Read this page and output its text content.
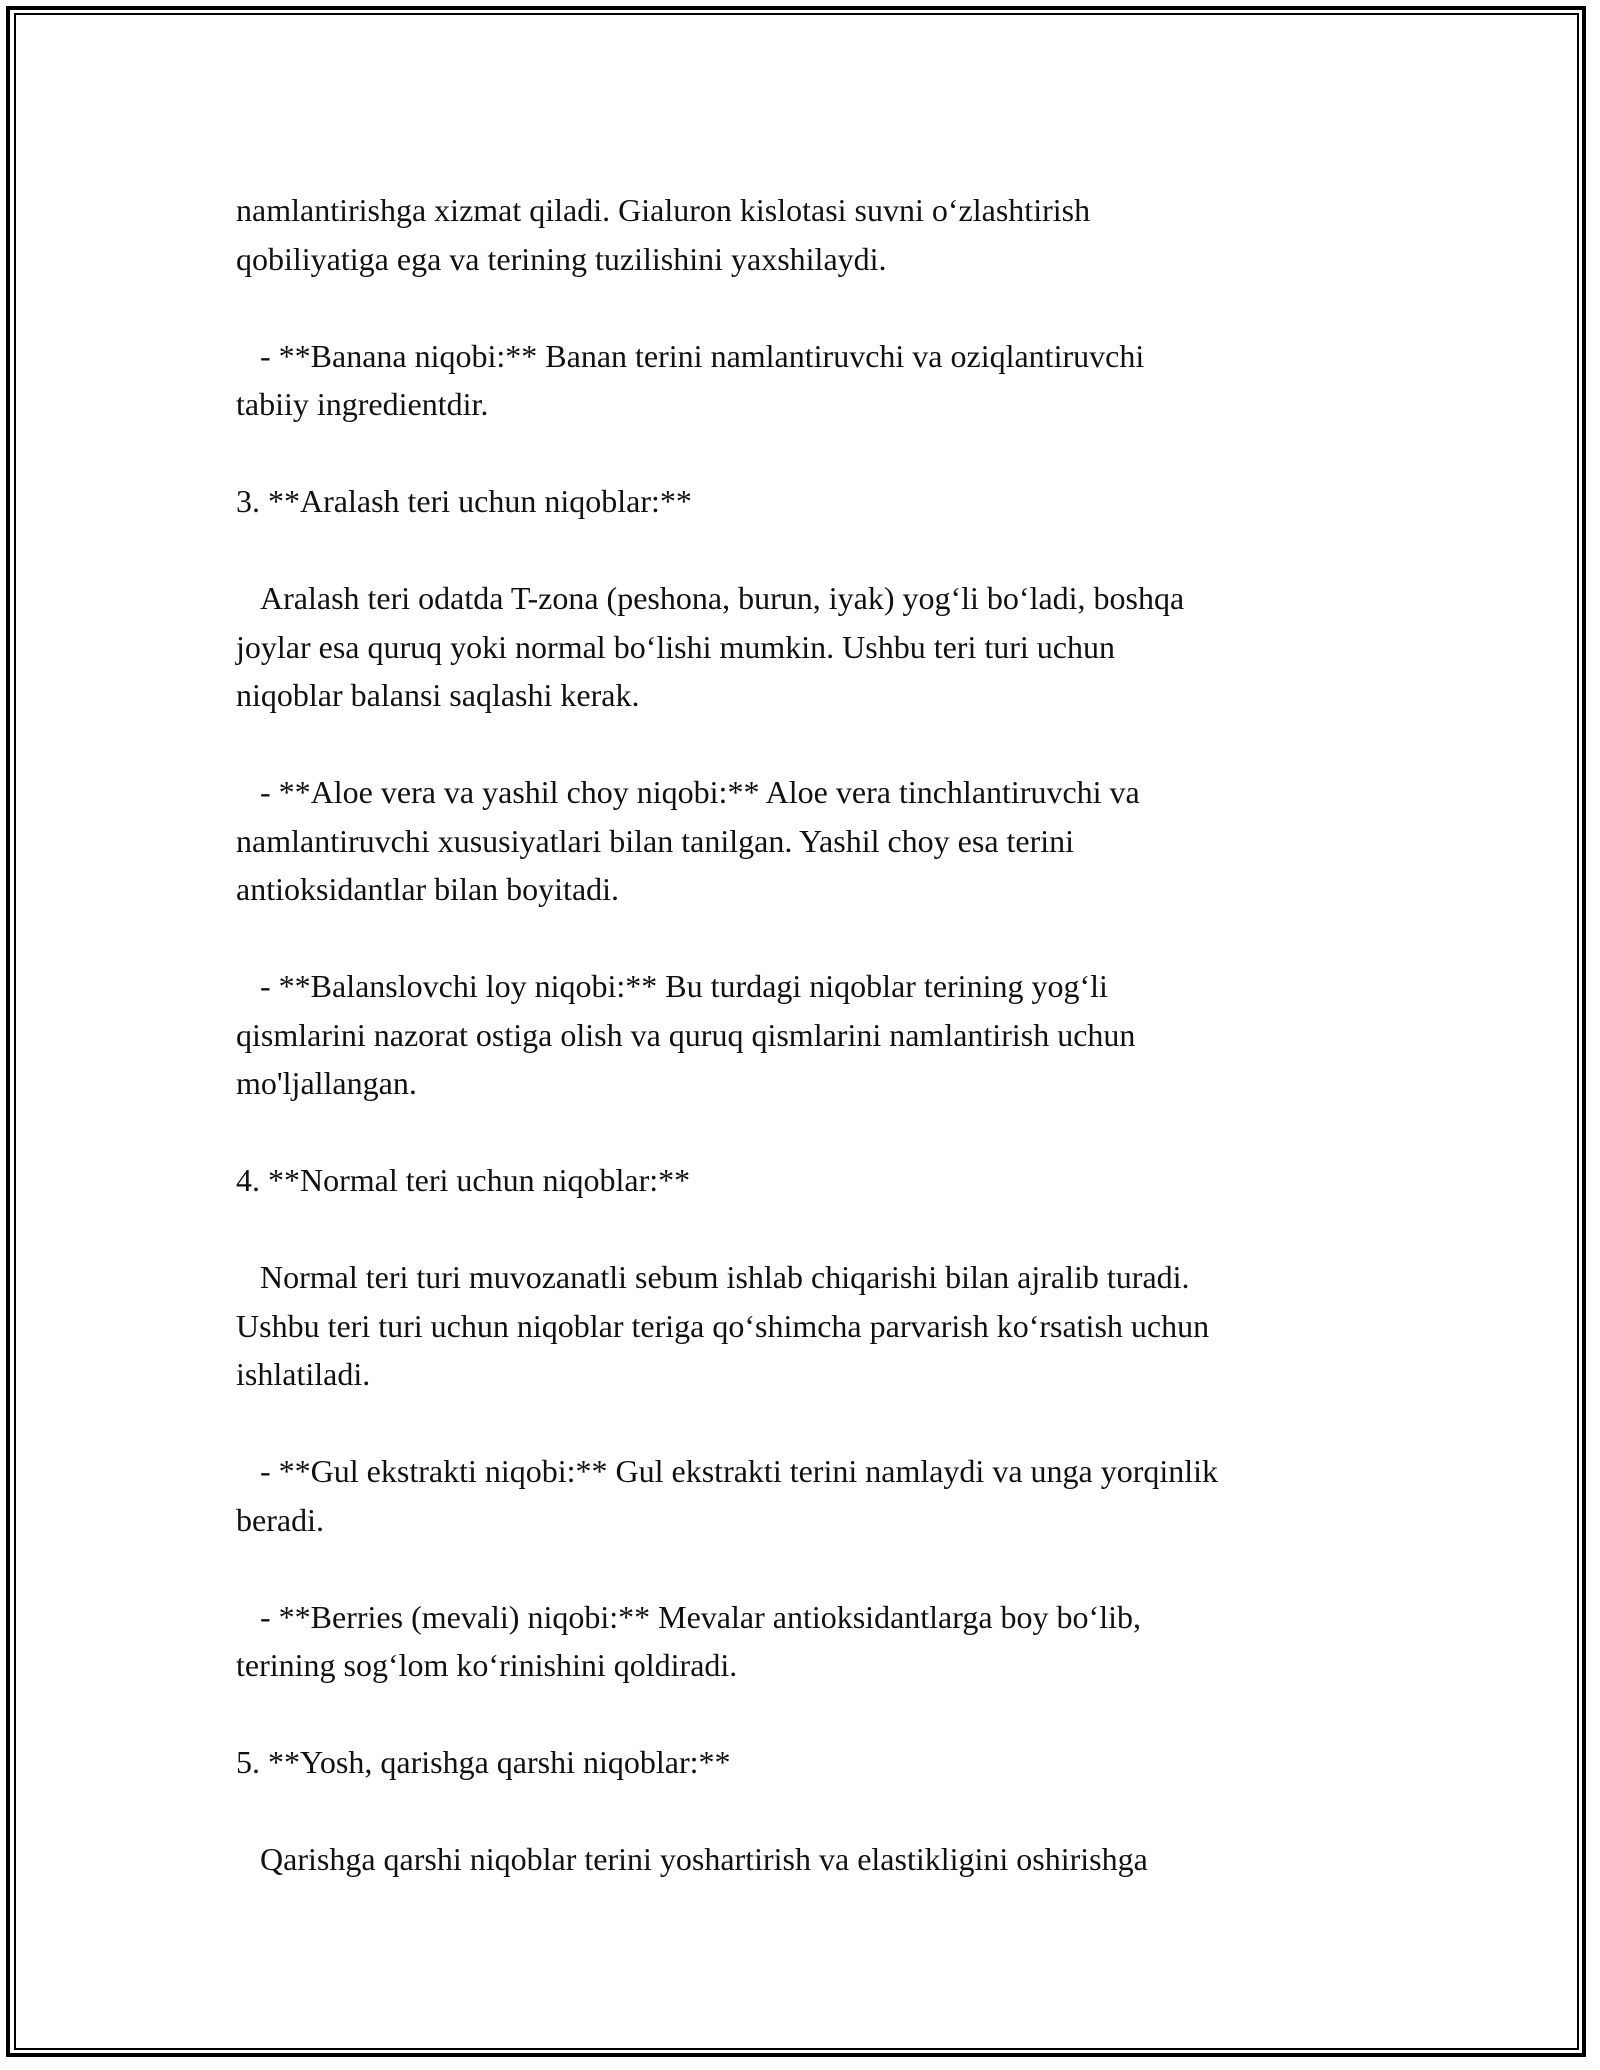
namlantirishga xizmat qiladi. Gialuron kislotasi suvni o‘zlashtirish
qobiliyatiga ega va terining tuzilishini yaxshilaydi.

- **Banana niqobi:** Banan terini namlantiruvchi va oziqlantiruvchi
tabiiy ingredientdir.

3. **Aralash teri uchun niqoblar:**

Aralash teri odatda T-zona (peshona, burun, iyak) yog‘li bo‘ladi, boshqa
joylar esa quruq yoki normal bo‘lishi mumkin. Ushbu teri turi uchun
niqoblar balansi saqlashi kerak.

- **Aloe vera va yashil choy niqobi:** Aloe vera tinchlantiruvchi va
namlantiruvchi xususiyatlari bilan tanilgan. Yashil choy esa terini
antioksidantlar bilan boyitadi.

- **Balanslovchi loy niqobi:** Bu turdagi niqoblar terining yog‘li
qismlarini nazorat ostiga olish va quruq qismlarini namlantirish uchun
mo'ljallangan.

4. **Normal teri uchun niqoblar:**

Normal teri turi muvozanatli sebum ishlab chiqarishi bilan ajralib turadi.
Ushbu teri turi uchun niqoblar teriga qo‘shimcha parvarish ko‘rsatish uchun
ishlatiladi.

- **Gul ekstrakti niqobi:** Gul ekstrakti terini namlaydi va unga yorqinlik
beradi.

- **Berries (mevali) niqobi:** Mevalar antioksidantlarga boy bo‘lib,
terining sog‘lom ko‘rinishini qoldiradi.

5. **Yosh, qarishga qarshi niqoblar:**

Qarishga qarshi niqoblar terini yoshartirish va elastikligini oshirishga
